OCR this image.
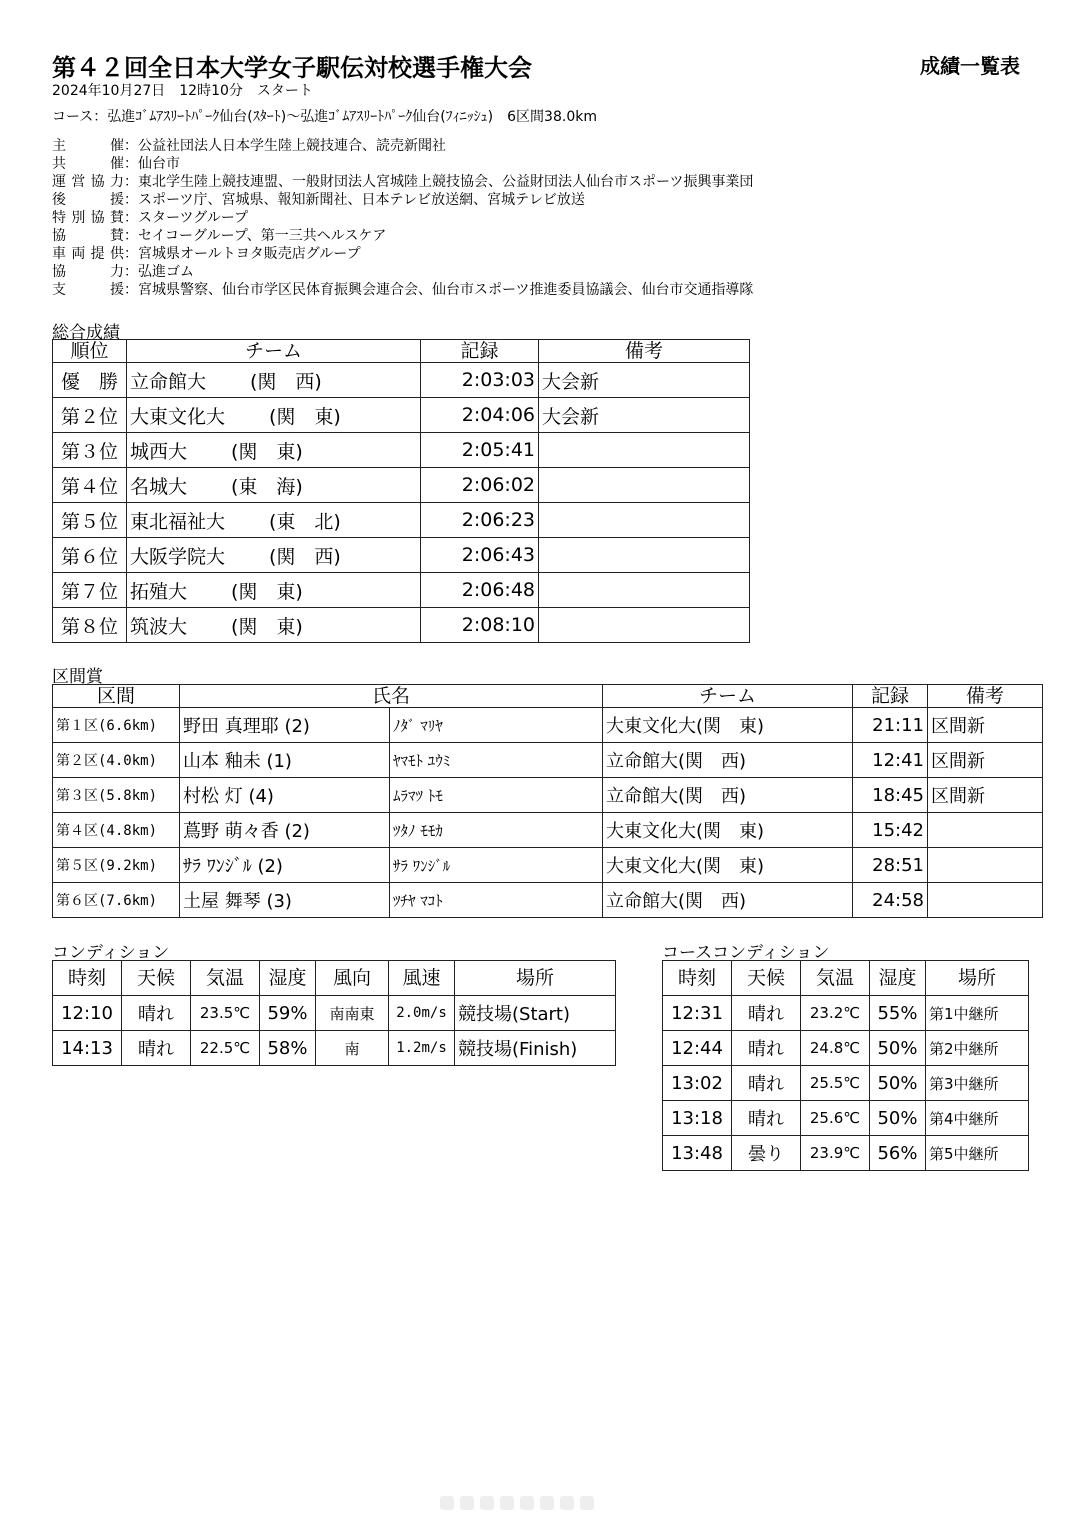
第４２回全日本大学女子駅伝対校選手権大会	成績一覧表
2024年10月27日　12時10分　スタート
コース：弘進ｺﾞﾑｱｽﾘｰﾄﾊﾟｰｸ仙台(ｽﾀｰﾄ)～弘進ｺﾞﾑｱｽﾘｰﾄﾊﾟｰｸ仙台(ﾌｨﾆｯｼｭ)　6区間38.0km
主	催 ：公益社団法人日本学生陸上競技連合、読売新聞社
共	催 ：仙台市
運 営 協 力 ：東北学生陸上競技連盟、一般財団法人宮城陸上競技協会、公益財団法人仙台市スポーツ振興事業団
後	援 ：スポーツ庁、宮城県、報知新聞社、日本テレビ放送網、宮城テレビ放送
特 別 協 賛 ：スターツグループ
協	賛 ：セイコーグループ、第一三共ヘルスケア
車 両 提 供 ：宮城県オールトヨタ販売店グループ
協	力 ：弘進ゴム
支	援 ：宮城県警察、仙台市学区民体育振興会連合会、仙台市スポーツ推進委員協議会、仙台市交通指導隊
総合成績
順位	チーム	記録	備考
優　勝	立命館大 (関　西)	2:03:03	大会新
第２位	大東文化大 (関　東)	2:04:06	大会新
第３位	城西大 (関　東)	2:05:41	
第４位	名城大 (東　海)	2:06:02	
第５位	東北福祉大 (東　北)	2:06:23	
第６位	大阪学院大 (関　西)	2:06:43	
第７位	拓殖大 (関　東)	2:06:48	
第８位	筑波大 (関　東)	2:08:10	
区間賞
区間	氏名		チーム	記録	備考
第１区(6.6km)	野田 真理耶 (2)	ﾉﾀﾞ ﾏﾘﾔ	大東文化大(関　東)	21:11	区間新
第２区(4.0km)	山本 釉未 (1)	ﾔﾏﾓﾄ ﾕｳﾐ	立命館大(関　西)	12:41	区間新
第３区(5.8km)	村松 灯 (4)	ﾑﾗﾏﾂ ﾄﾓ	立命館大(関　西)	18:45	区間新
第４区(4.8km)	蔦野 萌々香 (2)	ﾂﾀﾉ ﾓﾓｶ	大東文化大(関　東)	15:42	
第５区(9.2km)	ｻﾗ ﾜﾝｼﾞﾙ (2)	ｻﾗ ﾜﾝｼﾞﾙ	大東文化大(関　東)	28:51	
第６区(7.6km)	土屋 舞琴 (3)	ﾂﾁﾔ ﾏｺﾄ	立命館大(関　西)	24:58	
コンディション
時刻	天候	気温	湿度	風向	風速	場所
12:10	晴れ	23.5℃	59%	南南東	2.0m/s	競技場(Start)
14:13	晴れ	22.5℃	58%	南	1.2m/s	競技場(Finish)
コースコンディション
時刻	天候	気温	湿度	場所
12:31	晴れ	23.2℃	55%	第1中継所
12:44	晴れ	24.8℃	50%	第2中継所
13:02	晴れ	25.5℃	50%	第3中継所
13:18	晴れ	25.6℃	50%	第4中継所
13:48	曇り	23.9℃	56%	第5中継所
